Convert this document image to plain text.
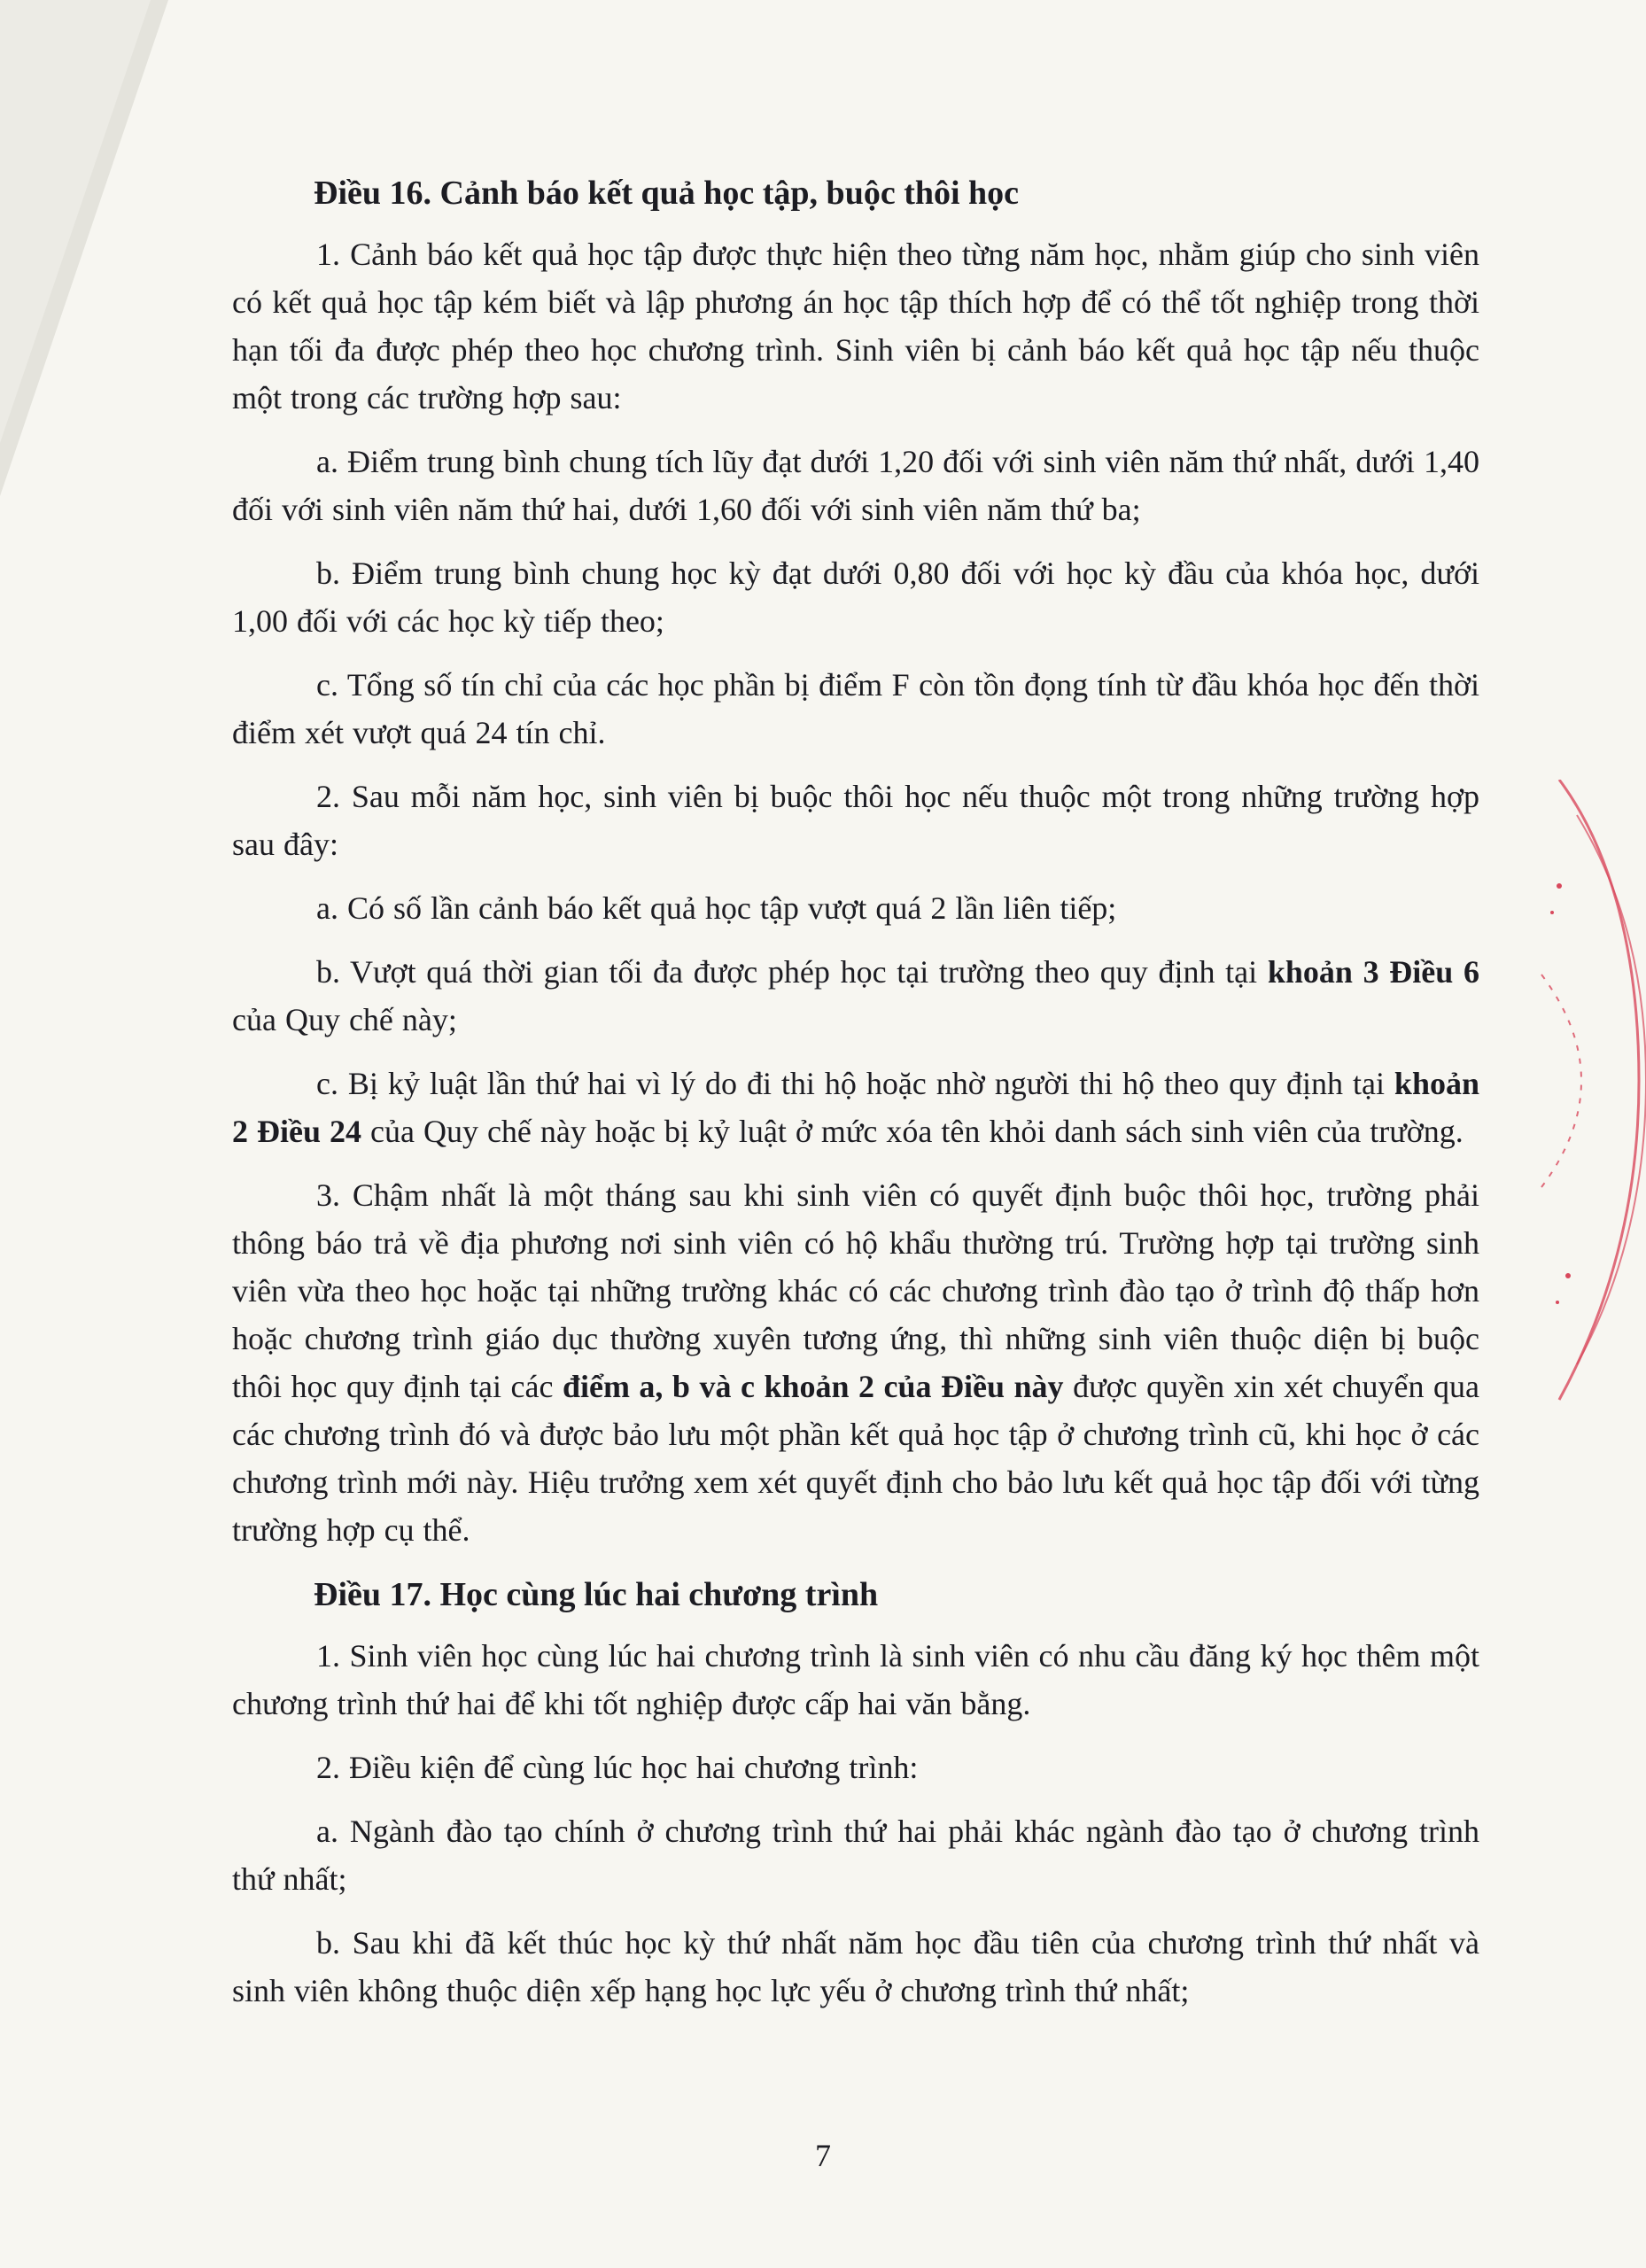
Điều 16. Cảnh báo kết quả học tập, buộc thôi học

1. Cảnh báo kết quả học tập được thực hiện theo từng năm học, nhằm giúp cho sinh viên có kết quả học tập kém biết và lập phương án học tập thích hợp để có thể tốt nghiệp trong thời hạn tối đa được phép theo học chương trình. Sinh viên bị cảnh báo kết quả học tập nếu thuộc một trong các trường hợp sau:

a. Điểm trung bình chung tích lũy đạt dưới 1,20 đối với sinh viên năm thứ nhất, dưới 1,40 đối với sinh viên năm thứ hai, dưới 1,60 đối với sinh viên năm thứ ba;

b. Điểm trung bình chung học kỳ đạt dưới 0,80 đối với học kỳ đầu của khóa học, dưới 1,00 đối với các học kỳ tiếp theo;

c. Tổng số tín chỉ của các học phần bị điểm F còn tồn đọng tính từ đầu khóa học đến thời điểm xét vượt quá 24 tín chỉ.

2. Sau mỗi năm học, sinh viên bị buộc thôi học nếu thuộc một trong những trường hợp sau đây:

a. Có số lần cảnh báo kết quả học tập vượt quá 2 lần liên tiếp;

b. Vượt quá thời gian tối đa được phép học tại trường theo quy định tại khoản 3 Điều 6 của Quy chế này;

c. Bị kỷ luật lần thứ hai vì lý do đi thi hộ hoặc nhờ người thi hộ theo quy định tại khoản 2 Điều 24 của Quy chế này hoặc bị kỷ luật ở mức xóa tên khỏi danh sách sinh viên của trường.

3. Chậm nhất là một tháng sau khi sinh viên có quyết định buộc thôi học, trường phải thông báo trả về địa phương nơi sinh viên có hộ khẩu thường trú. Trường hợp tại trường sinh viên vừa theo học hoặc tại những trường khác có các chương trình đào tạo ở trình độ thấp hơn hoặc chương trình giáo dục thường xuyên tương ứng, thì những sinh viên thuộc diện bị buộc thôi học quy định tại các điểm a, b và c khoản 2 của Điều này được quyền xin xét chuyển qua các chương trình đó và được bảo lưu một phần kết quả học tập ở chương trình cũ, khi học ở các chương trình mới này. Hiệu trưởng xem xét quyết định cho bảo lưu kết quả học tập đối với từng trường hợp cụ thể.

Điều 17. Học cùng lúc hai chương trình

1. Sinh viên học cùng lúc hai chương trình là sinh viên có nhu cầu đăng ký học thêm một chương trình thứ hai để khi tốt nghiệp được cấp hai văn bằng.

2. Điều kiện để cùng lúc học hai chương trình:

a. Ngành đào tạo chính ở chương trình thứ hai phải khác ngành đào tạo ở chương trình thứ nhất;

b. Sau khi đã kết thúc học kỳ thứ nhất năm học đầu tiên của chương trình thứ nhất và sinh viên không thuộc diện xếp hạng học lực yếu ở chương trình thứ nhất;

7
